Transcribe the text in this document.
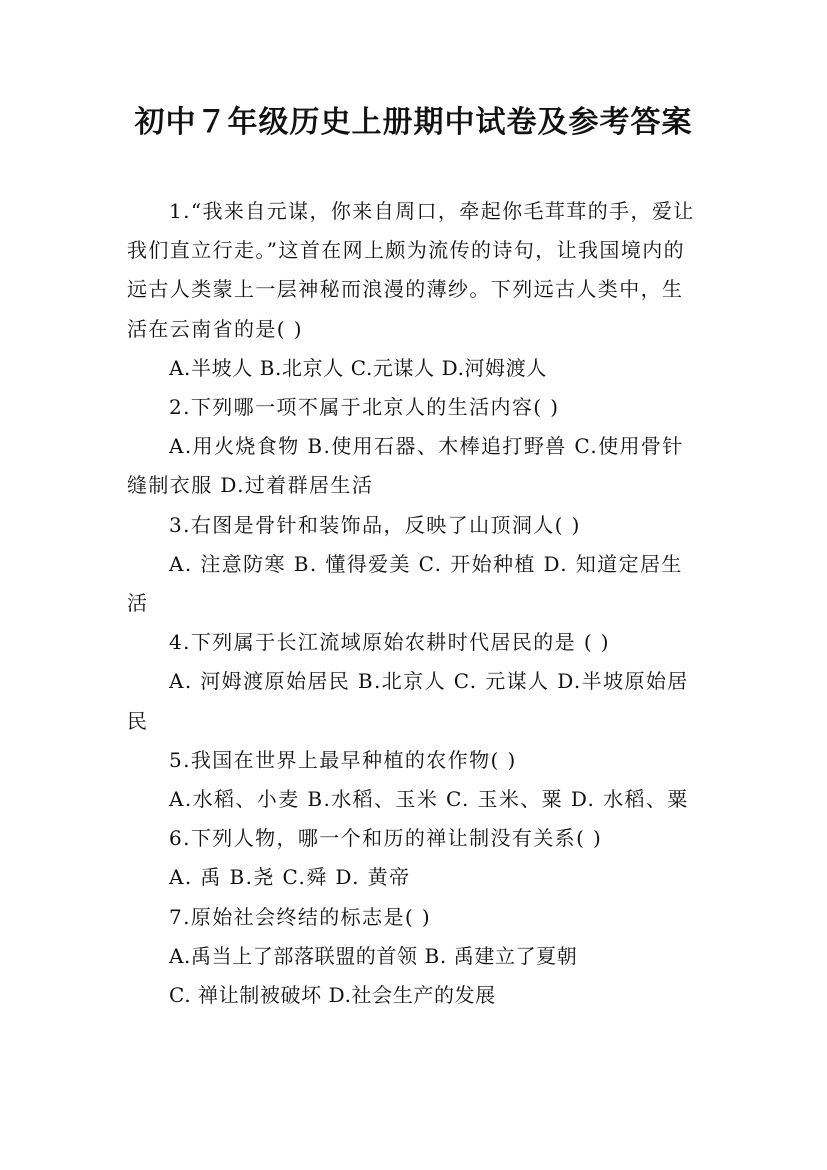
初中７年级历史上册期中试卷及参考答案

1.“我来自元谋，你来自周口，牵起你毛茸茸的手，爱让我们直立行走。”这首在网上颇为流传的诗句，让我国境内的远古人类蒙上一层神秘而浪漫的薄纱。下列远古人类中，生活在云南省的是( )

A.半坡人 B.北京人 C.元谋人 D.河姆渡人

2.下列哪一项不属于北京人的生活内容( )

A.用火烧食物 B.使用石器、木棒追打野兽 C.使用骨针缝制衣服 D.过着群居生活

3.右图是骨针和装饰品，反映了山顶洞人( )

A. 注意防寒 B. 懂得爱美 C. 开始种植 D. 知道定居生活

4.下列属于长江流域原始农耕时代居民的是 ( )

A. 河姆渡原始居民 B.北京人 C. 元谋人 D.半坡原始居民

5.我国在世界上最早种植的农作物( )

A.水稻、小麦 B.水稻、玉米 C. 玉米、粟 D. 水稻、粟

6.下列人物，哪一个和历的禅让制没有关系( )

A. 禹 B.尧 C.舜 D. 黄帝

7.原始社会终结的标志是( )

A.禹当上了部落联盟的首领 B. 禹建立了夏朝

C. 禅让制被破坏 D.社会生产的发展
